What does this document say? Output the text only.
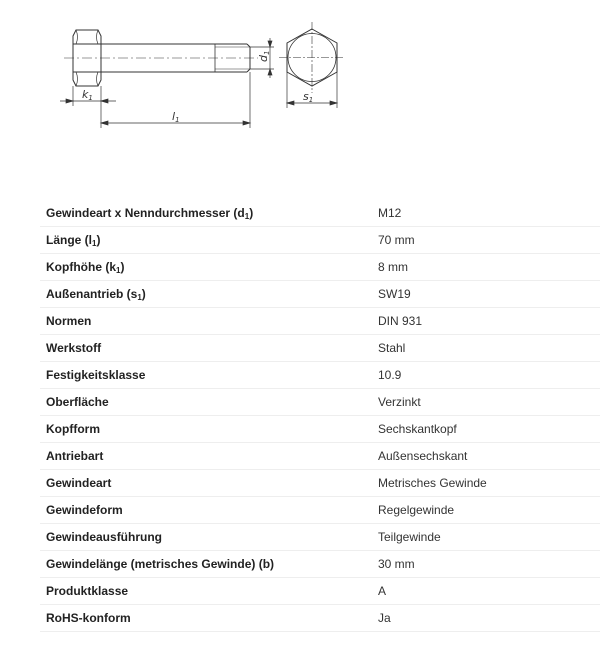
k1
l1
s1
d1
Gewindeart x Nenndurchmesser $(d_1)$	M12
Länge $(l_1)$	70 mm
Kopfhöhe $(k_1)$	8 mm
Außenantrieb $(s_1)$	SW19
Normen	DIN 931
Werkstoff	Stahl
Festigkeitsklasse	10.9
Oberfläche	Verzinkt
Kopfform	Sechskantkopf
Antriebart	Außensechskant
Gewindeart	Metrisches Gewinde
Gewindeform	Regelgewinde
Gewindeausführung	Teilgewinde
Gewindelänge (metrisches Gewinde) (b)	30 mm
Produktklasse	A
RoHS-konform	Ja
